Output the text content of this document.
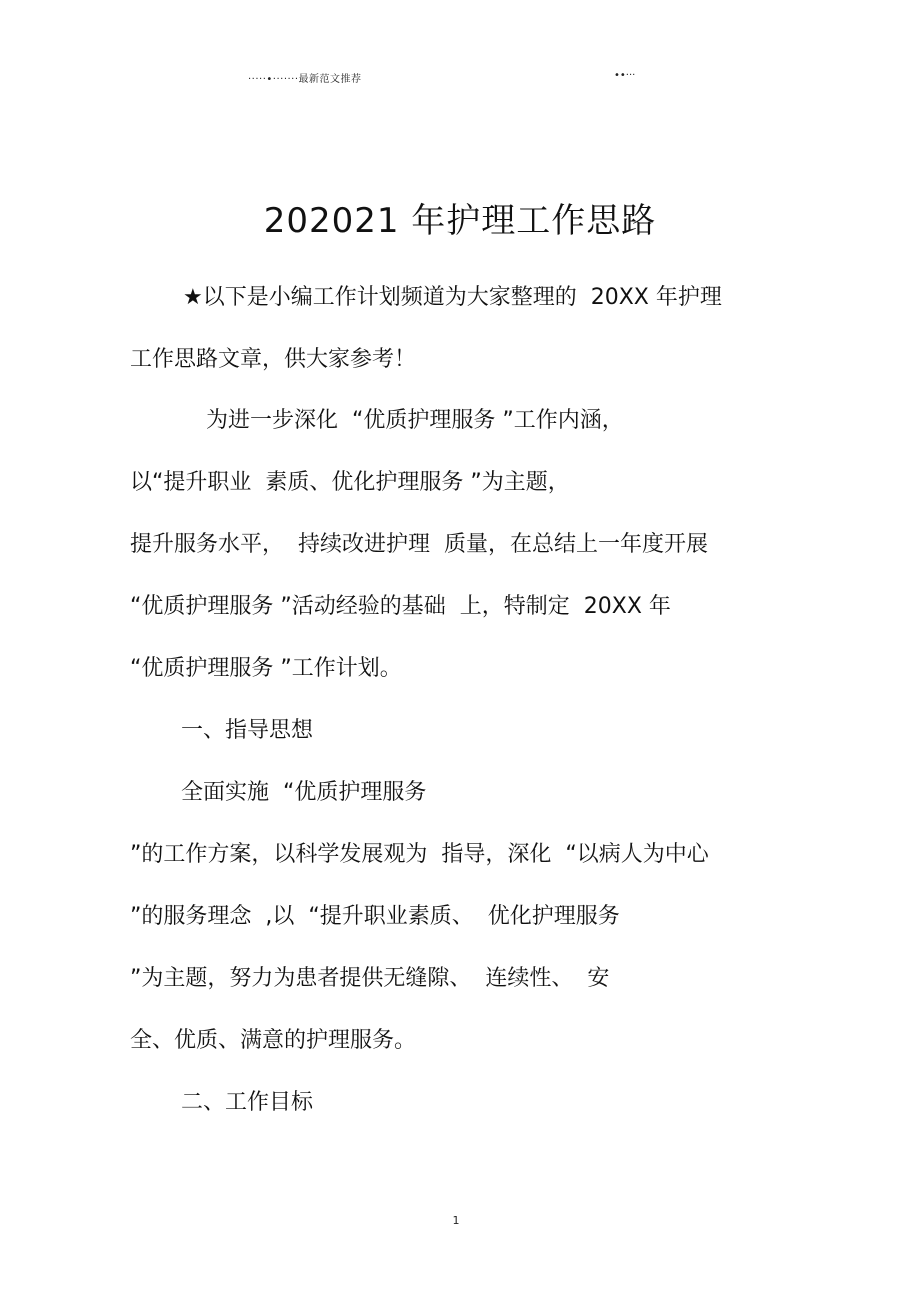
·····•·······最新范文推荐	••···
202021 年护理工作思路
★以下是小编工作计划频道为大家整理的  20XX 年护理
工作思路文章，供大家参考！
为进一步深化  “优质护理服务 ”工作内涵，
以“提升职业  素质、优化护理服务 ”为主题，
提升服务水平，  持续改进护理  质量，在总结上一年度开展
“优质护理服务 ”活动经验的基础  上，特制定  20XX 年
“优质护理服务 ”工作计划。
一、指导思想
全面实施  “优质护理服务
”的工作方案，以科学发展观为  指导，深化  “以病人为中心
”的服务理念  ,以  “提升职业素质、  优化护理服务
”为主题，努力为患者提供无缝隙、  连续性、  安
全、优质、满意的护理服务。
二、工作目标
1
